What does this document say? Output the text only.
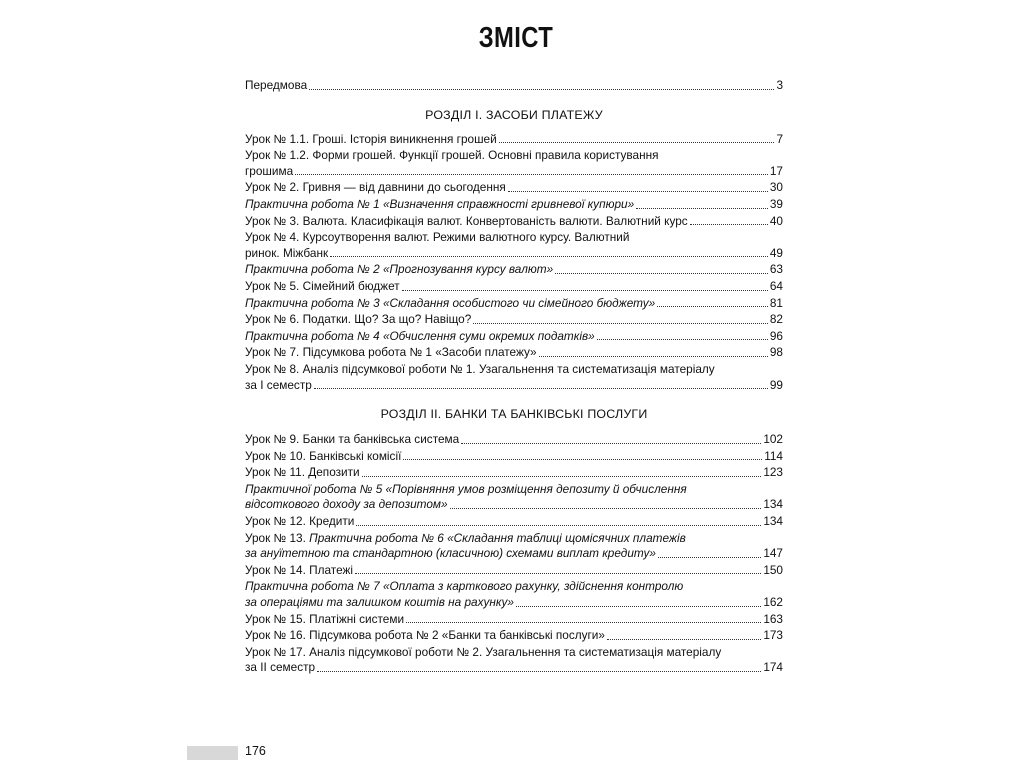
ЗМІСТ
Передмова	3
РОЗДІЛ І. ЗАСОБИ ПЛАТЕЖУ
Урок № 1.1. Гроші. Історія виникнення грошей	7
Урок № 1.2. Форми грошей. Функції грошей. Основні правила користування
грошима	17
Урок № 2. Гривня — від давнини до сьогодення	30
Практична робота № 1 «Визначення справжності гривневої купюри»	39
Урок № 3. Валюта. Класифікація валют. Конвертованість валюти. Валютний курс	40
Урок № 4. Курсоутворення валют. Режими валютного курсу. Валютний
ринок. Міжбанк	49
Практична робота № 2 «Прогнозування курсу валют»	63
Урок № 5. Сімейний бюджет	64
Практична робота № 3 «Складання особистого чи сімейного бюджету»	81
Урок № 6. Податки. Що? За що? Навіщо?	82
Практична робота № 4 «Обчислення суми окремих податків»	96
Урок № 7. Підсумкова робота № 1 «Засоби платежу»	98
Урок № 8. Аналіз підсумкової роботи № 1. Узагальнення та систематизація матеріалу
за І семестр	99
РОЗДІЛ ІІ. БАНКИ ТА БАНКІВСЬКІ ПОСЛУГИ
Урок № 9. Банки та банківська система	102
Урок № 10. Банківські комісії	114
Урок № 11. Депозити	123
Практичної робота № 5 «Порівняння умов розміщення депозиту й обчислення
відсоткового доходу за депозитом»	134
Урок № 12. Кредити	134
Урок № 13. Практична робота № 6 «Складання таблиці щомісячних платежів
за ануїтетною та стандартною (класичною) схемами виплат кредиту»	147
Урок № 14. Платежі	150
Практична робота № 7 «Оплата з карткового рахунку, здійснення контролю
за операціями та залишком коштів на рахунку»	162
Урок № 15. Платіжні системи	163
Урок № 16. Підсумкова робота № 2 «Банки та банківські послуги»	173
Урок № 17. Аналіз підсумкової роботи № 2. Узагальнення та систематизація матеріалу
за ІІ семестр	174
176
